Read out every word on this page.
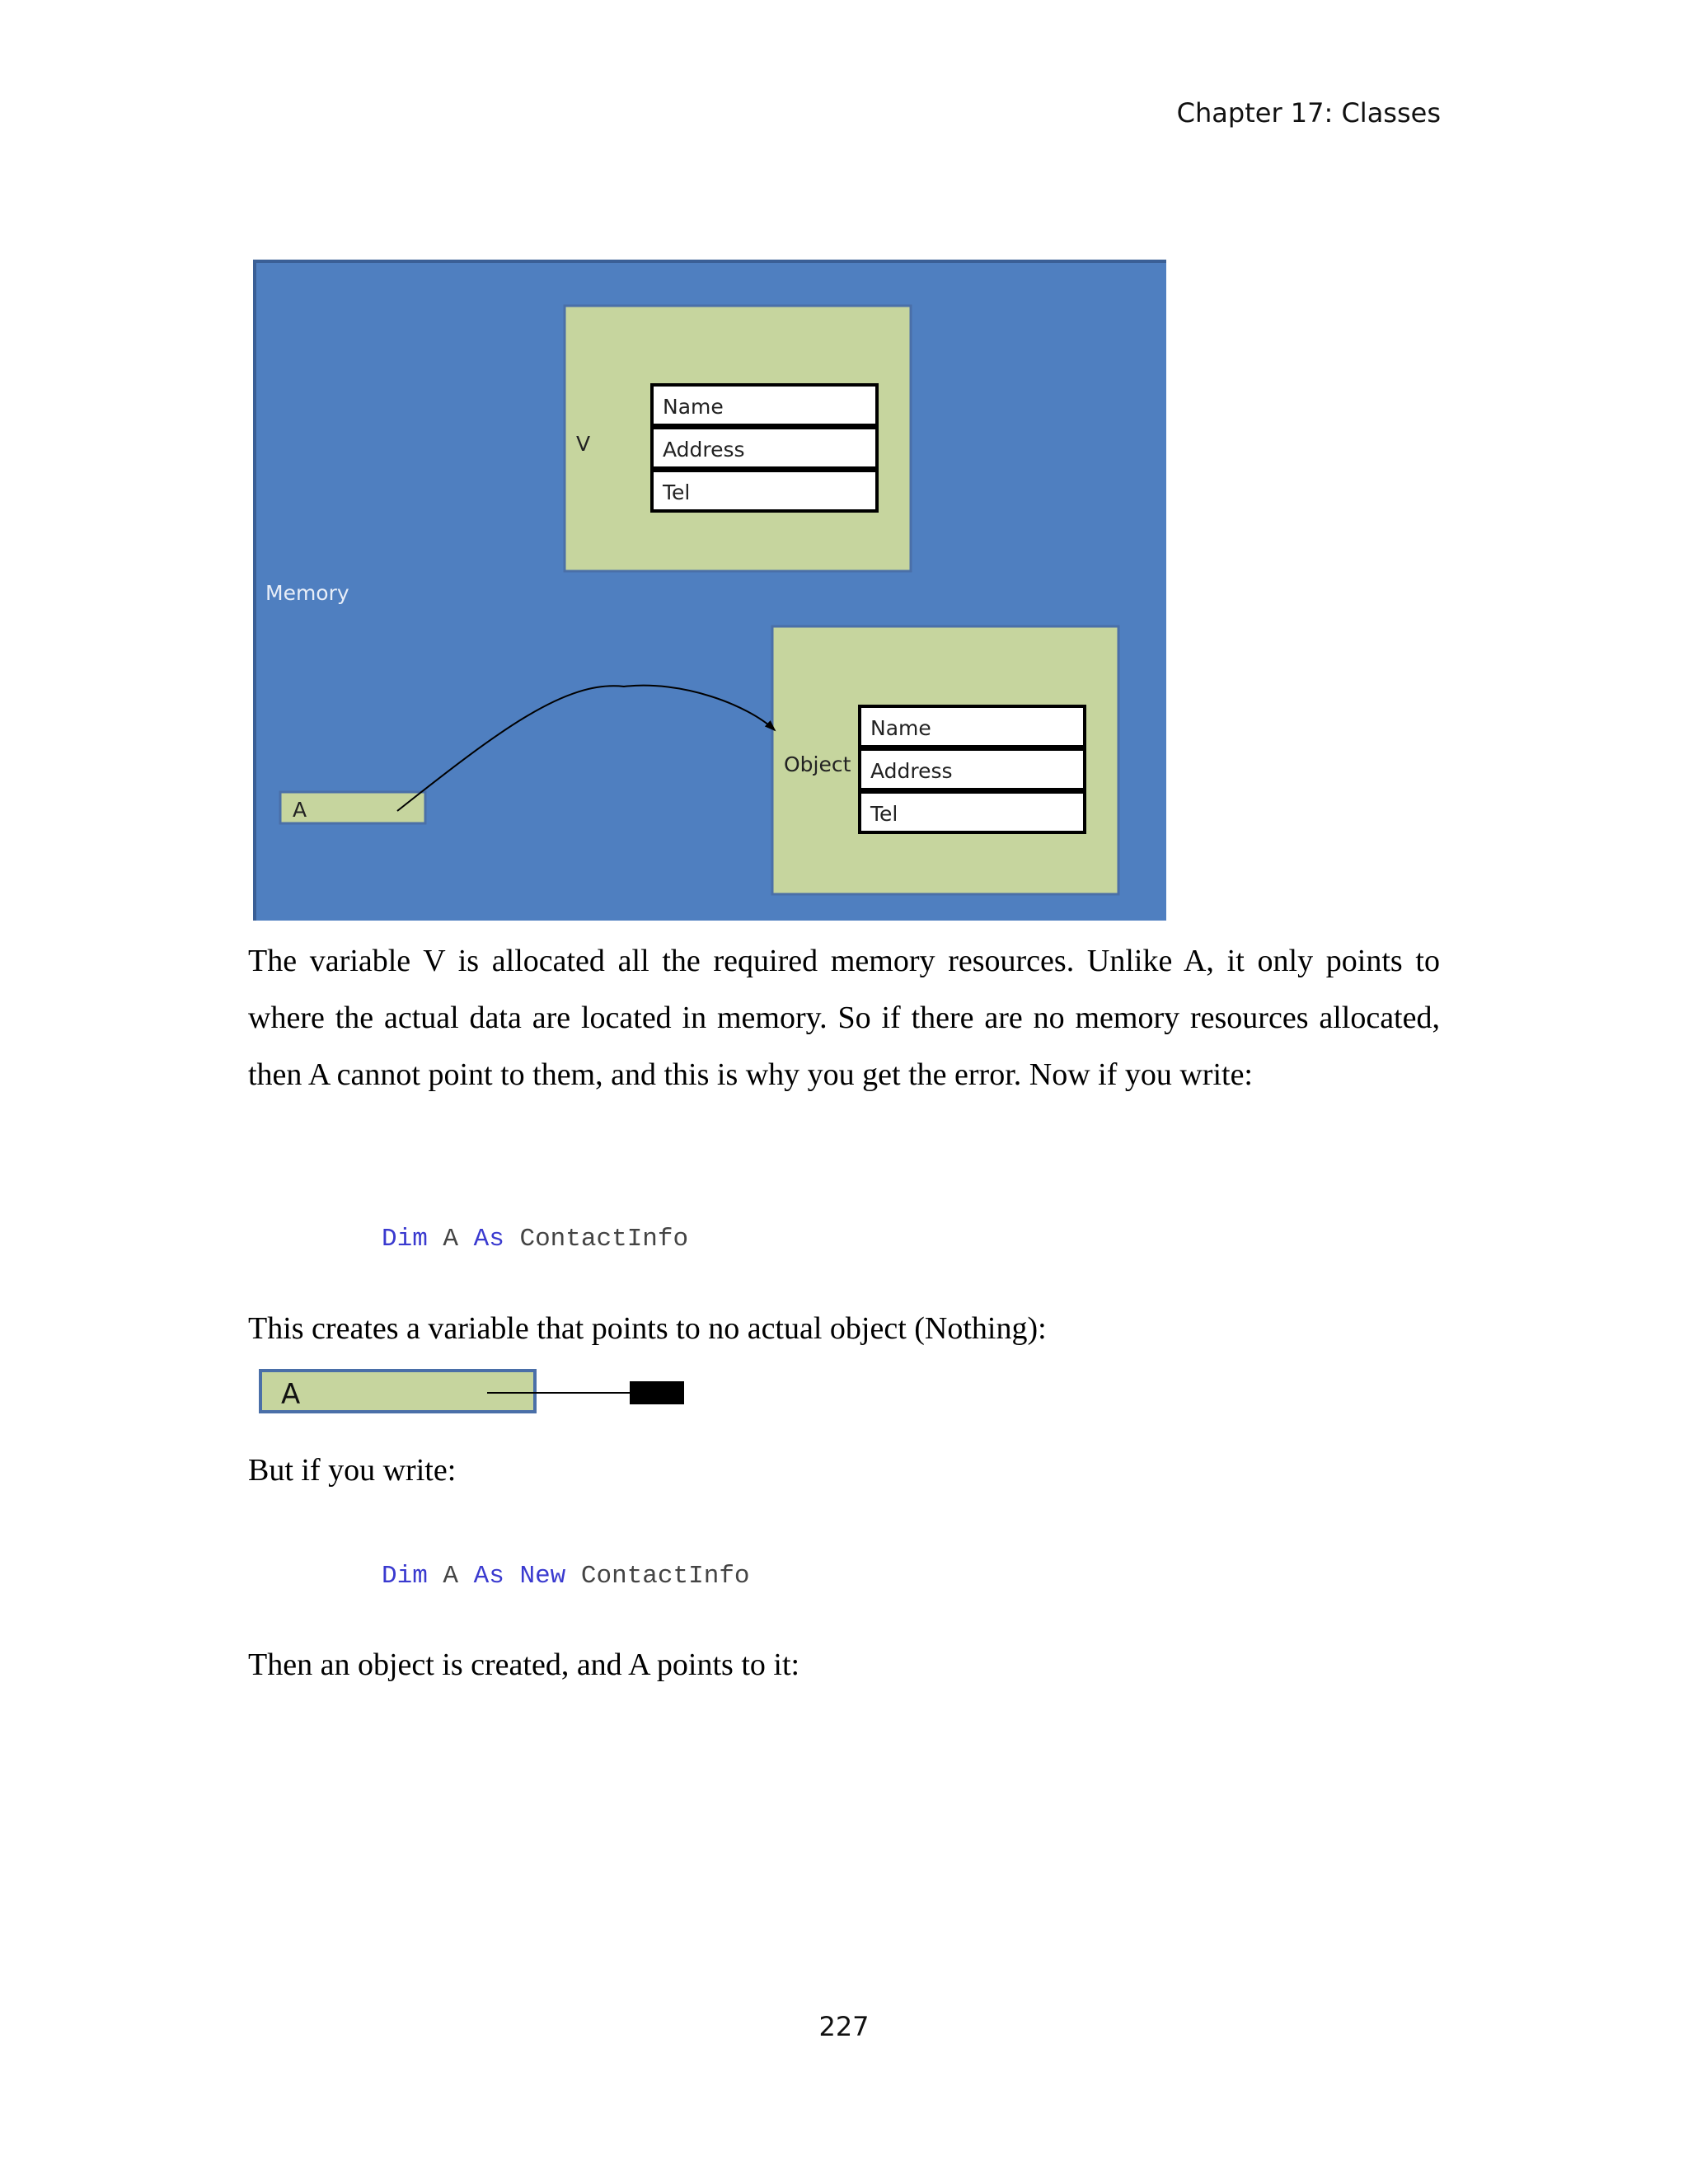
Chapter 17: Classes
Memory
V
Name
Address
Tel
Object
Name
Address
Tel
A
The variable V is allocated all the required memory resources. Unlike A, it only points to where the actual data are located in memory. So if there are no memory resources allocated, then A cannot point to them, and this is why you get the error. Now if you write:
Dim A As ContactInfo
This creates a variable that points to no actual object (Nothing):
A
But if you write:
Dim A As New ContactInfo
Then an object is created, and A points to it:
227
